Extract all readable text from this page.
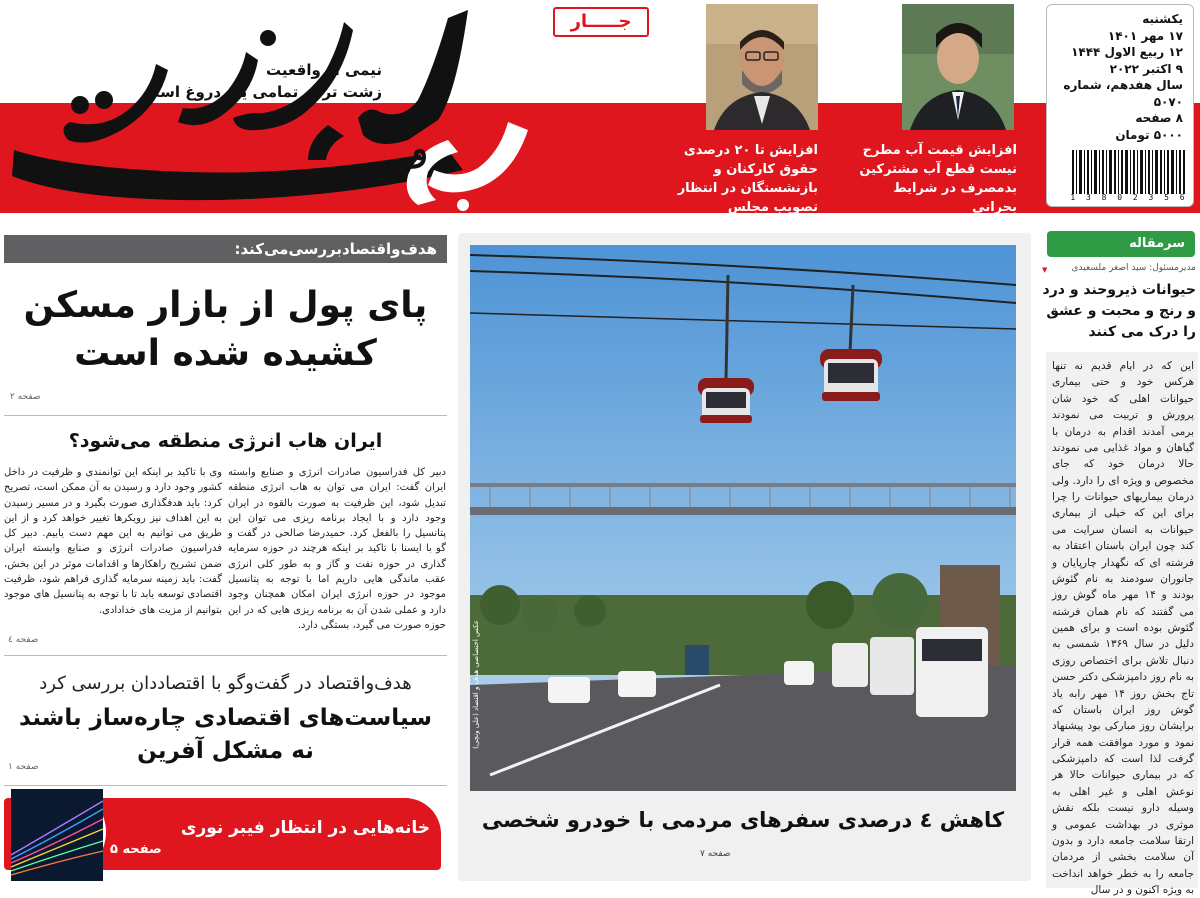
و
نیمی از واقعیت
زشت تر از تمامی یک دروغ است
جـــــار
افزایش تا ۲۰ درصدی حقوق کارکنان و بازنشستگان در انتظار تصویب مجلس
صفحه ۲
افزایش قیمت آب مطرح نیست قطع آب مشترکین بدمصرف در شرایط بحرانی
صفحه ٤
یکشنبه
۱۷ مهر ۱۴۰۱
۱۲ ربیع الاول ۱۴۴۴
۹ اکتبر ۲۰۲۲
سال هفدهم، شماره ۵۰۷۰
۸ صفحه
۵۰۰۰ تومان
1 3 8 0 2 3 5 6
هدف‌واقتصاد‌بررسی‌می‌کند:
پای پول از بازار مسکن کشیده شده است
صفحه ۲
ایران هاب انرژی منطقه می‌شود؟
دبیر کل فدراسیون صادرات انرژی و صنایع وابسته ایران گفت: ایران می توان به هاب انرژی منطقه تبدیل شود، این ظرفیت به صورت بالقوه در ایران وجود دارد و با ایجاد برنامه ریزی می توان این پتانسیل را بالفعل کرد. حمیدرضا صالحی در گفت و گو با ایسنا با تاکید بر اینکه هرچند در حوزه سرمایه گذاری در حوزه نفت و گاز و به طور کلی انرژی عقب ماندگی هایی داریم اما با توجه به پتانسیل موجود در حوزه انرژی ایران امکان همچنان وجود دارد و عملی شدن آن به برنامه ریزی هایی که در این حوزه صورت می گیرد، بستگی دارد.
وی با تاکید بر اینکه این توانمندی و ظرفیت در داخل کشور وجود دارد و رسیدن به آن ممکن است، تصریح کرد: باید هدفگذاری صورت بگیرد و در مسیر رسیدن به این اهداف نیز رویکرها تغییر خواهد کرد و از این طریق می توانیم به این مهم دست یابیم. دبیر کل فدراسیون صادرات انرژی و صنایع وابسته ایران ضمن تشریح راهکارها و اقدامات موثر در این بخش، گفت: باید زمینه سرمایه گذاری فراهم شود، ظرفیت اقتصادی توسعه یابد تا با توجه به پتانسیل های موجود بتوانیم از مزیت های خدادادی.
صفحه ٤
هدف‌واقتصاد در گفت‌وگو با اقتصاددان بررسی کرد
سیاست‌های اقتصادی چاره‌ساز باشند نه مشکل آفرین
صفحه ۱
خانه‌هایی در انتظار فیبر نوری
صفحه ۵
عکس اختصاصی هدف و اقتصاد (علی ونچی)
کاهش ٤ درصدی سفرهای مردمی با خودرو شخصی
صفحه ۷
سرمقاله
مدیرمسئول: سید اصغر ملسعیدی
▼
حیوانات ذیروحند و درد و رنج و محبت و عشق را درک می کنند
این که در ایام قدیم نه تنها هرکس خود و حتی بیماری حیوانات اهلی که خود شان پرورش و تربیت می نمودند برمی آمدند اقدام به درمان با گیاهان و مواد غذایی می نمودند حالا درمان خود که جای مخصوص و ویژه ای را دارد. ولی درمان بیماریهای حیوانات را چرا برای این که خیلی از بیماری حیوانات به انسان سرایت می کند چون ایران باستان اعتقاد به فرشته ای که نگهدار چارپایان و جانوران سودمند به نام گئوش بودند و ۱۴ مهر ماه گوش روز می گفتند که نام همان فرشته گئوش بوده است و برای همین دلیل در سال ۱۳۶۹ شمسی به دنبال تلاش برای اختصاص روزی به نام روز دامپزشکی دکتر حسن تاج بخش روز ۱۴ مهر رابه یاد گوش روز ایران باستان که برایشان روز مبارکی بود پیشنهاد نمود و مورد موافقت همه قرار گرفت لذا است که دامپزشکی که در بیماری حیوانات حالا هر نوعش اهلی و غیر اهلی به وسیله دارو نیست بلکه نقش موثری در بهداشت عمومی و ارتقا سلامت جامعه دارد و بدون آن سلامت بخشی از مردمان جامعه را به خطر خواهد انداخت به ویژه اکنون و در سال
